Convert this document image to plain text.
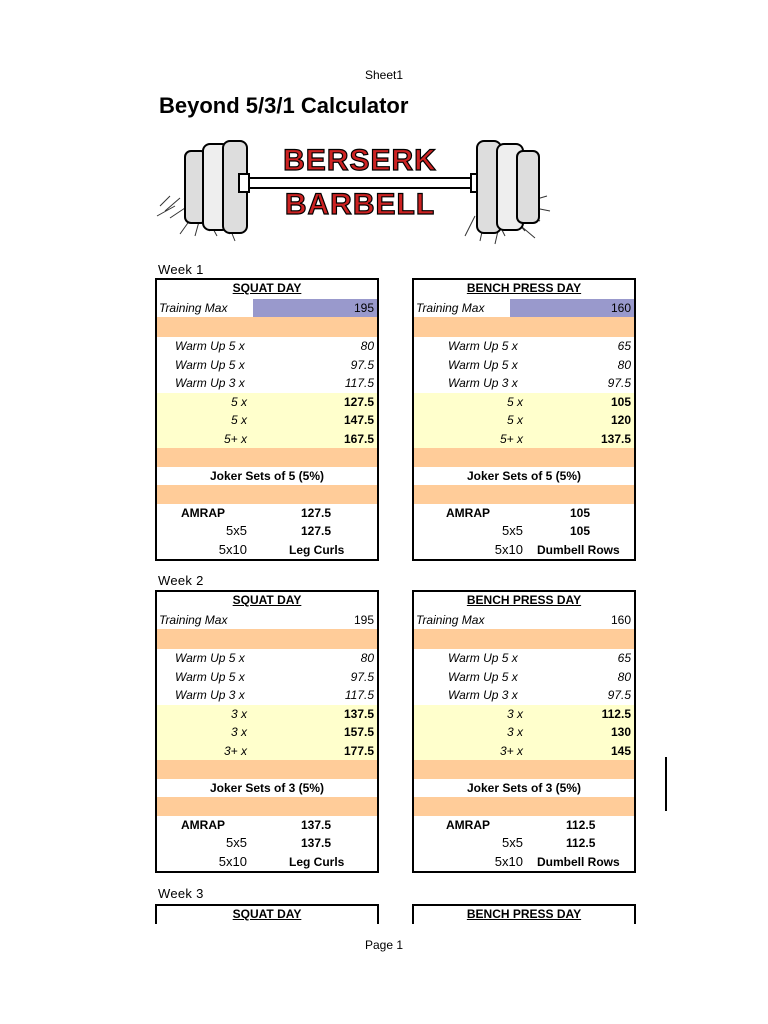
Sheet1
Beyond 5/3/1 Calculator
BERSERK
BARBELL
Week 1
SQUAT DAY
Training Max	195
Warm Up 5 x	80
Warm Up 5 x	97.5
Warm Up 3 x	117.5
5 x	127.5
5 x	147.5
5+ x	167.5
Joker Sets of 5 (5%)
AMRAP	127.5
5x5	127.5
5x10	Leg Curls
BENCH PRESS DAY
Training Max	160
Warm Up 5 x	65
Warm Up 5 x	80
Warm Up 3 x	97.5
5 x	105
5 x	120
5+ x	137.5
Joker Sets of 5 (5%)
AMRAP	105
5x5	105
5x10 Dumbell Rows
Week 2
SQUAT DAY
Training Max	195
Warm Up 5 x	80
Warm Up 5 x	97.5
Warm Up 3 x	117.5
3 x	137.5
3 x	157.5
3+ x	177.5
Joker Sets of 3 (5%)
AMRAP	137.5
5x5	137.5
5x10	Leg Curls
BENCH PRESS DAY
Training Max	160
Warm Up 5 x	65
Warm Up 5 x	80
Warm Up 3 x	97.5
3 x	112.5
3 x	130
3+ x	145
Joker Sets of 3 (5%)
AMRAP	112.5
5x5	112.5
5x10 Dumbell Rows
Week 3
SQUAT DAY	BENCH PRESS DAY
Page 1
